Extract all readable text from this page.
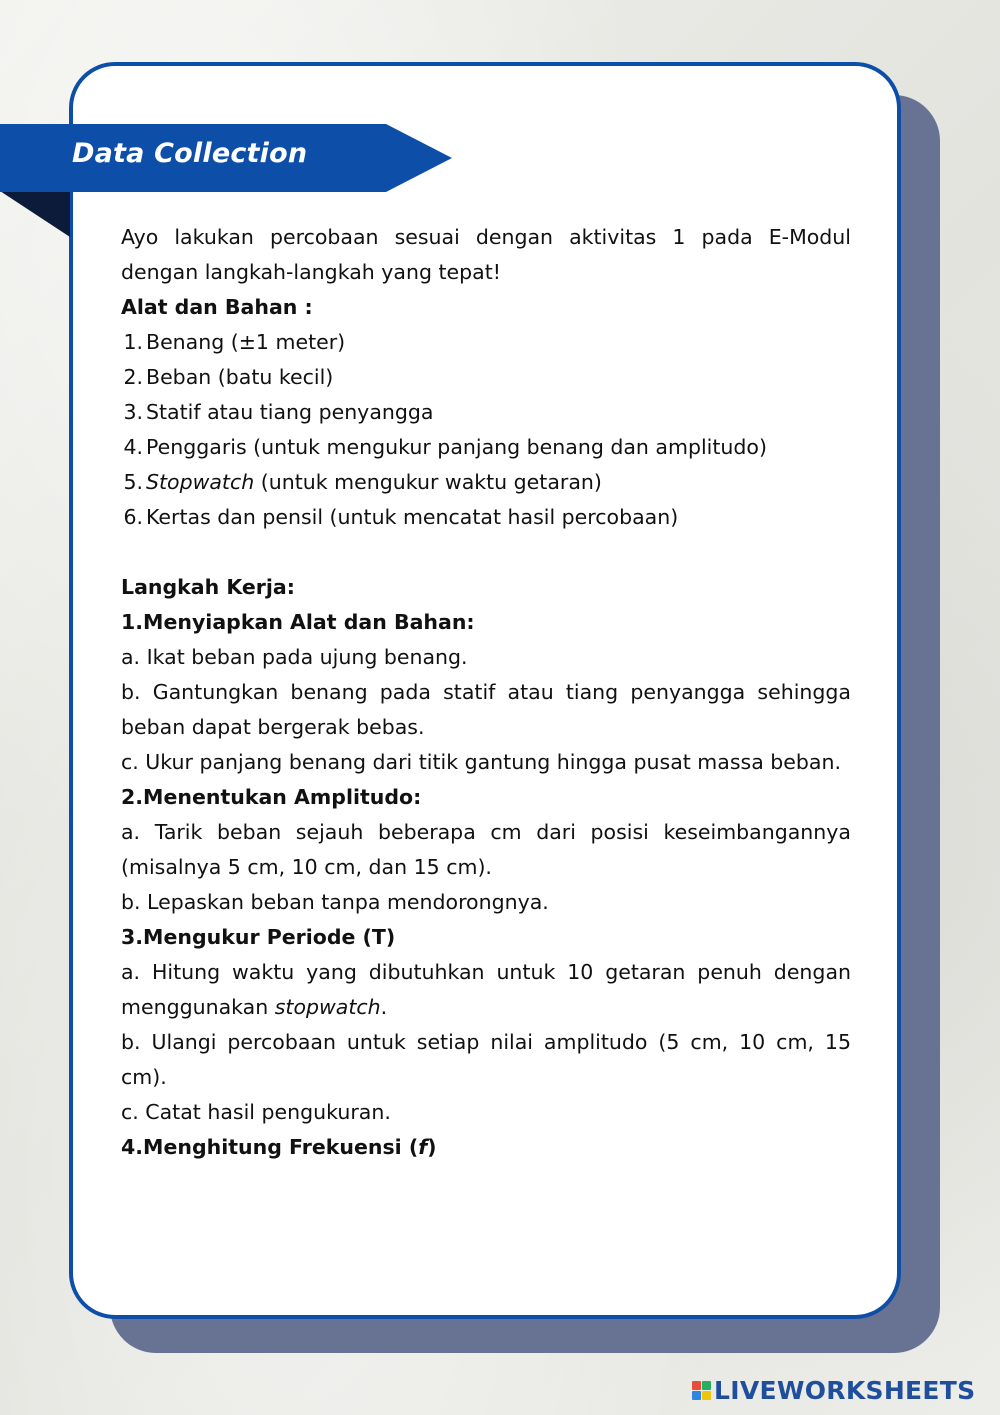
Data Collection

Ayo lakukan percobaan sesuai dengan aktivitas 1 pada E-Modul dengan langkah-langkah yang tepat!

Alat dan Bahan :

1. Benang (±1 meter)

2. Beban (batu kecil)

3. Statif atau tiang penyangga

4. Penggaris (untuk mengukur panjang benang dan amplitudo)

5. Stopwatch (untuk mengukur waktu getaran)

6. Kertas dan pensil (untuk mencatat hasil percobaan)

Langkah Kerja:

1.Menyiapkan Alat dan Bahan:

a. Ikat beban pada ujung benang.

b. Gantungkan benang pada statif atau tiang penyangga sehingga beban dapat bergerak bebas.

c. Ukur panjang benang dari titik gantung hingga pusat massa beban.

2.Menentukan Amplitudo:

a. Tarik beban sejauh beberapa cm dari posisi keseimbangannya (misalnya 5 cm, 10 cm, dan 15 cm).

b. Lepaskan beban tanpa mendorongnya.

3.Mengukur Periode (T)

a. Hitung waktu yang dibutuhkan untuk 10 getaran penuh dengan menggunakan stopwatch.

b. Ulangi percobaan untuk setiap nilai amplitudo (5 cm, 10 cm, 15 cm).

c. Catat hasil pengukuran.

4.Menghitung Frekuensi (f)

LIVEWORKSHEETS
